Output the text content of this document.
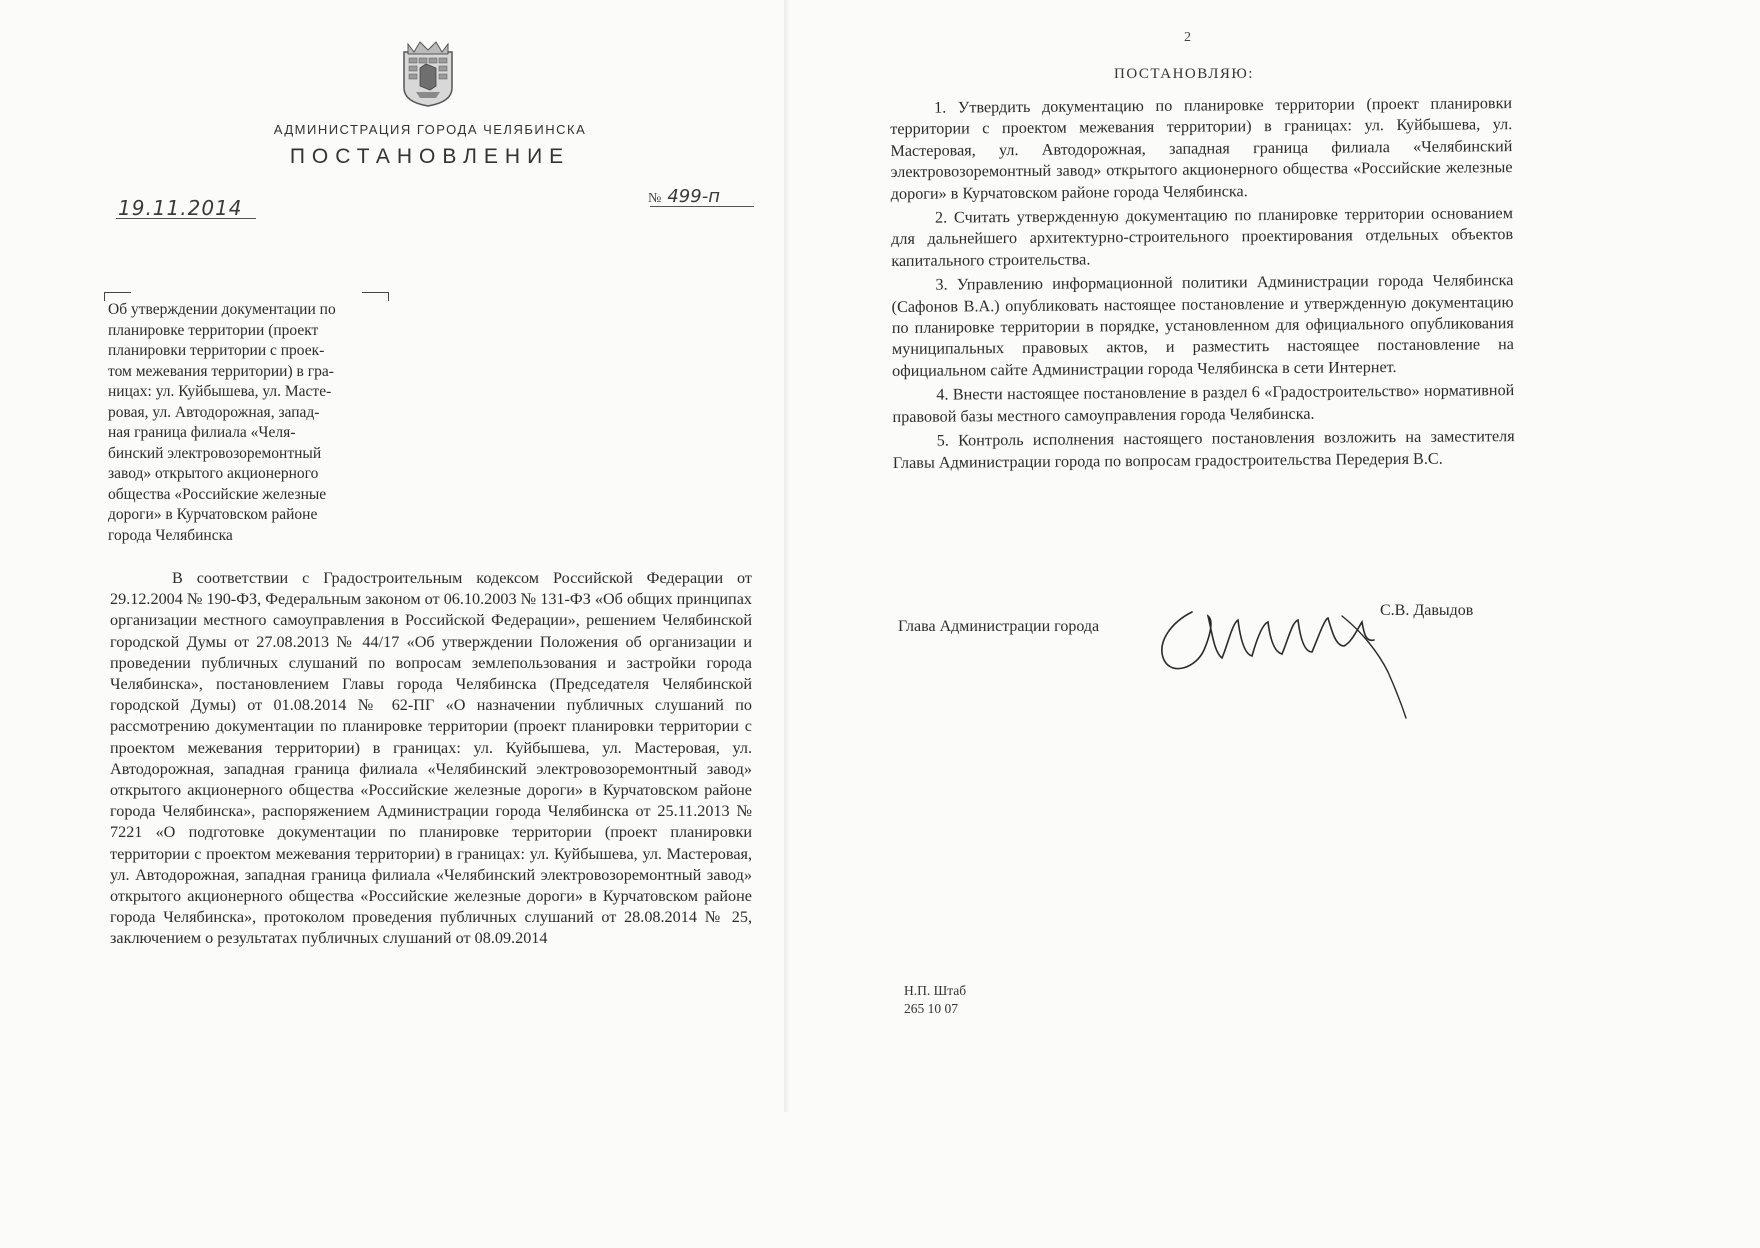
АДМИНИСТРАЦИЯ ГОРОДА ЧЕЛЯБИНСКА
ПОСТАНОВЛЕНИЕ
19.11.2014	№ 499-п
Об утверждении документации по
планировке территории (проект
планировки территории с проек-
том межевания территории) в гра-
ницах: ул. Куйбышева, ул. Масте-
ровая, ул. Автодорожная, запад-
ная граница филиала «Челя-
бинский электровозоремонтный
завод» открытого акционерного
общества «Российские железные
дороги» в Курчатовском районе
города Челябинска

В соответствии с Градостроительным кодексом Российской Федерации от 29.12.2004 № 190-ФЗ, Федеральным законом от 06.10.2003 № 131-ФЗ «Об общих принципах организации местного самоуправления в Российской Федерации», решением Челябинской городской Думы от 27.08.2013 № 44/17 «Об утверждении Положения об организации и проведении публичных слушаний по вопросам землепользования и застройки города Челябинска», постановлением Главы города Челябинска (Председателя Челябинской городской Думы) от 01.08.2014 № 62-ПГ «О назначении публичных слушаний по рассмотрению документации по планировке территории (проект планировки территории с проектом межевания территории) в границах: ул. Куйбышева, ул. Мастеровая, ул. Автодорожная, западная граница филиала «Челябинский электровозоремонтный завод» открытого акционерного общества «Российские железные дороги» в Курчатовском районе города Челябинска», распоряжением Администрации города Челябинска от 25.11.2013 № 7221 «О подготовке документации по планировке территории (проект планировки территории с проектом межевания территории) в границах: ул. Куйбышева, ул. Мастеровая, ул. Автодорожная, западная граница филиала «Челябинский электровозоремонтный завод» открытого акционерного общества «Российские железные дороги» в Курчатовском районе города Челябинска», протоколом проведения публичных слушаний от 28.08.2014 № 25, заключением о результатах публичных слушаний от 08.09.2014

2
ПОСТАНОВЛЯЮ:

1. Утвердить документацию по планировке территории (проект планировки территории с проектом межевания территории) в границах: ул. Куйбышева, ул. Мастеровая, ул. Автодорожная, западная граница филиала «Челябинский электровозоремонтный завод» открытого акционерного общества «Российские железные дороги» в Курчатовском районе города Челябинска.

2. Считать утвержденную документацию по планировке территории основанием для дальнейшего архитектурно-строительного проектирования отдельных объектов капитального строительства.

3. Управлению информационной политики Администрации города Челябинска (Сафонов В.А.) опубликовать настоящее постановление и утвержденную документацию по планировке территории в порядке, установленном для официального опубликования муниципальных правовых актов, и разместить настоящее постановление на официальном сайте Администрации города Челябинска в сети Интернет.

4. Внести настоящее постановление в раздел 6 «Градостроительство» нормативной правовой базы местного самоуправления города Челябинска.

5. Контроль исполнения настоящего постановления возложить на заместителя Главы Администрации города по вопросам градостроительства Передерия В.С.

Глава Администрации города
С.В. Давыдов
Н.П. Штаб
265 10 07
